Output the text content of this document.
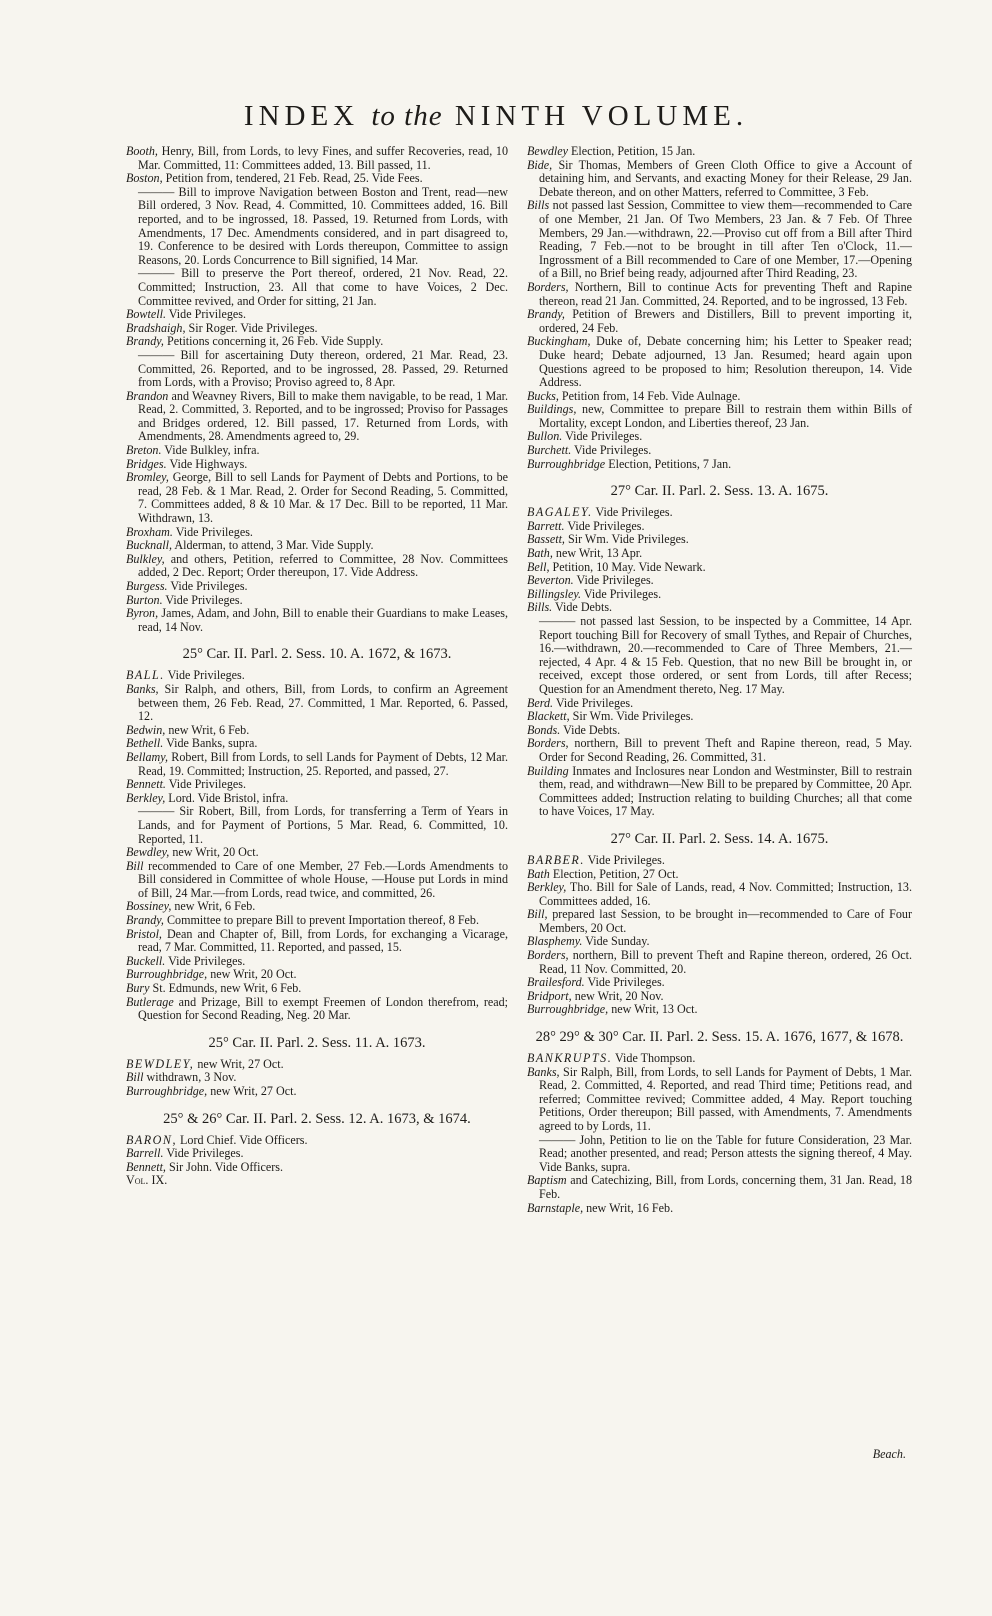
INDEX to the NINTH VOLUME.

Booth, Henry, Bill, from Lords, to levy Fines, and suffer Recoveries, read, 10 Mar. Committed, 11: Committees added, 13. Bill passed, 11.

Boston, Petition from, tendered, 21 Feb. Read, 25. Vide Fees.

——— Bill to improve Navigation between Boston and Trent, read—new Bill ordered, 3 Nov. Read, 4. Committed, 10. Committees added, 16. Bill reported, and to be ingrossed, 18. Passed, 19. Returned from Lords, with Amendments, 17 Dec. Amendments considered, and in part disagreed to, 19. Conference to be desired with Lords thereupon, Committee to assign Reasons, 20. Lords Concurrence to Bill signified, 14 Mar.

——— Bill to preserve the Port thereof, ordered, 21 Nov. Read, 22. Committed; Instruction, 23. All that come to have Voices, 2 Dec. Committee revived, and Order for sitting, 21 Jan.

Bowtell. Vide Privileges.

Bradshaigh, Sir Roger. Vide Privileges.

Brandy, Petitions concerning it, 26 Feb. Vide Supply.

——— Bill for ascertaining Duty thereon, ordered, 21 Mar. Read, 23. Committed, 26. Reported, and to be ingrossed, 28. Passed, 29. Returned from Lords, with a Proviso; Proviso agreed to, 8 Apr.

Brandon and Weavney Rivers, Bill to make them navigable, to be read, 1 Mar. Read, 2. Committed, 3. Reported, and to be ingrossed; Proviso for Passages and Bridges ordered, 12. Bill passed, 17. Returned from Lords, with Amendments, 28. Amendments agreed to, 29.

Breton. Vide Bulkley, infra.

Bridges. Vide Highways.

Bromley, George, Bill to sell Lands for Payment of Debts and Portions, to be read, 28 Feb. & 1 Mar. Read, 2. Order for Second Reading, 5. Committed, 7. Committees added, 8 & 10 Mar. & 17 Dec. Bill to be reported, 11 Mar. Withdrawn, 13.

Broxham. Vide Privileges.

Bucknall, Alderman, to attend, 3 Mar. Vide Supply.

Bulkley, and others, Petition, referred to Committee, 28 Nov. Committees added, 2 Dec. Report; Order thereupon, 17. Vide Address.

Burgess. Vide Privileges.

Burton. Vide Privileges.

Byron, James, Adam, and John, Bill to enable their Guardians to make Leases, read, 14 Nov.

25° Car. II. Parl. 2. Sess. 10. A. 1672, & 1673.

BALL. Vide Privileges.

Banks, Sir Ralph, and others, Bill, from Lords, to confirm an Agreement between them, 26 Feb. Read, 27. Committed, 1 Mar. Reported, 6. Passed, 12.

Bedwin, new Writ, 6 Feb.

Bethell. Vide Banks, supra.

Bellamy, Robert, Bill from Lords, to sell Lands for Payment of Debts, 12 Mar. Read, 19. Committed; Instruction, 25. Reported, and passed, 27.

Bennett. Vide Privileges.

Berkley, Lord. Vide Bristol, infra.

——— Sir Robert, Bill, from Lords, for transferring a Term of Years in Lands, and for Payment of Portions, 5 Mar. Read, 6. Committed, 10. Reported, 11.

Bewdley, new Writ, 20 Oct.

Bill recommended to Care of one Member, 27 Feb.—Lords Amendments to Bill considered in Committee of whole House, —House put Lords in mind of Bill, 24 Mar.—from Lords, read twice, and committed, 26.

Bossiney, new Writ, 6 Feb.

Brandy, Committee to prepare Bill to prevent Importation thereof, 8 Feb.

Bristol, Dean and Chapter of, Bill, from Lords, for exchanging a Vicarage, read, 7 Mar. Committed, 11. Reported, and passed, 15.

Buckell. Vide Privileges.

Burroughbridge, new Writ, 20 Oct.

Bury St. Edmunds, new Writ, 6 Feb.

Butlerage and Prizage, Bill to exempt Freemen of London therefrom, read; Question for Second Reading, Neg. 20 Mar.

25° Car. II. Parl. 2. Sess. 11. A. 1673.

BEWDLEY, new Writ, 27 Oct.

Bill withdrawn, 3 Nov.

Burroughbridge, new Writ, 27 Oct.

25° & 26° Car. II. Parl. 2. Sess. 12. A. 1673, & 1674.

BARON, Lord Chief. Vide Officers.

Barrell. Vide Privileges.

Bennett, Sir John. Vide Officers.

Vol. IX.

Bewdley Election, Petition, 15 Jan.

Bide, Sir Thomas, Members of Green Cloth Office to give a Account of detaining him, and Servants, and exacting Money for their Release, 29 Jan. Debate thereon, and on other Matters, referred to Committee, 3 Feb.

Bills not passed last Session, Committee to view them—recommended to Care of one Member, 21 Jan. Of Two Members, 23 Jan. & 7 Feb. Of Three Members, 29 Jan.—withdrawn, 22.—Proviso cut off from a Bill after Third Reading, 7 Feb.—not to be brought in till after Ten o'Clock, 11.—Ingrossment of a Bill recommended to Care of one Member, 17.—Opening of a Bill, no Brief being ready, adjourned after Third Reading, 23.

Borders, Northern, Bill to continue Acts for preventing Theft and Rapine thereon, read 21 Jan. Committed, 24. Reported, and to be ingrossed, 13 Feb.

Brandy, Petition of Brewers and Distillers, Bill to prevent importing it, ordered, 24 Feb.

Buckingham, Duke of, Debate concerning him; his Letter to Speaker read; Duke heard; Debate adjourned, 13 Jan. Resumed; heard again upon Questions agreed to be proposed to him; Resolution thereupon, 14. Vide Address.

Bucks, Petition from, 14 Feb. Vide Aulnage.

Buildings, new, Committee to prepare Bill to restrain them within Bills of Mortality, except London, and Liberties thereof, 23 Jan.

Bullon. Vide Privileges.

Burchett. Vide Privileges.

Burroughbridge Election, Petitions, 7 Jan.

27° Car. II. Parl. 2. Sess. 13. A. 1675.

BAGALEY. Vide Privileges.

Barrett. Vide Privileges.

Bassett, Sir Wm. Vide Privileges.

Bath, new Writ, 13 Apr.

Bell, Petition, 10 May. Vide Newark.

Beverton. Vide Privileges.

Billingsley. Vide Privileges.

Bills. Vide Debts.

——— not passed last Session, to be inspected by a Committee, 14 Apr. Report touching Bill for Recovery of small Tythes, and Repair of Churches, 16.—withdrawn, 20.—recommended to Care of Three Members, 21.—rejected, 4 Apr. 4 & 15 Feb. Question, that no new Bill be brought in, or received, except those ordered, or sent from Lords, till after Recess; Question for an Amendment thereto, Neg. 17 May.

Berd. Vide Privileges.

Blackett, Sir Wm. Vide Privileges.

Bonds. Vide Debts.

Borders, northern, Bill to prevent Theft and Rapine thereon, read, 5 May. Order for Second Reading, 26. Committed, 31.

Building Inmates and Inclosures near London and Westminster, Bill to restrain them, read, and withdrawn—New Bill to be prepared by Committee, 20 Apr. Committees added; Instruction relating to building Churches; all that come to have Voices, 17 May.

27° Car. II. Parl. 2. Sess. 14. A. 1675.

BARBER. Vide Privileges.

Bath Election, Petition, 27 Oct.

Berkley, Tho. Bill for Sale of Lands, read, 4 Nov. Committed; Instruction, 13. Committees added, 16.

Bill, prepared last Session, to be brought in—recommended to Care of Four Members, 20 Oct.

Blasphemy. Vide Sunday.

Borders, northern, Bill to prevent Theft and Rapine thereon, ordered, 26 Oct. Read, 11 Nov. Committed, 20.

Brailesford. Vide Privileges.

Bridport, new Writ, 20 Nov.

Burroughbridge, new Writ, 13 Oct.

28° 29° & 30° Car. II. Parl. 2. Sess. 15. A. 1676, 1677, & 1678.

BANKRUPTS. Vide Thompson.

Banks, Sir Ralph, Bill, from Lords, to sell Lands for Payment of Debts, 1 Mar. Read, 2. Committed, 4. Reported, and read Third time; Petitions read, and referred; Committee revived; Committee added, 4 May. Report touching Petitions, Order thereupon; Bill passed, with Amendments, 7. Amendments agreed to by Lords, 11.

——— John, Petition to lie on the Table for future Consideration, 23 Mar. Read; another presented, and read; Person attests the signing thereof, 4 May. Vide Banks, supra.

Baptism and Catechizing, Bill, from Lords, concerning them, 31 Jan. Read, 18 Feb.

Barnstaple, new Writ, 16 Feb.

Beach.
